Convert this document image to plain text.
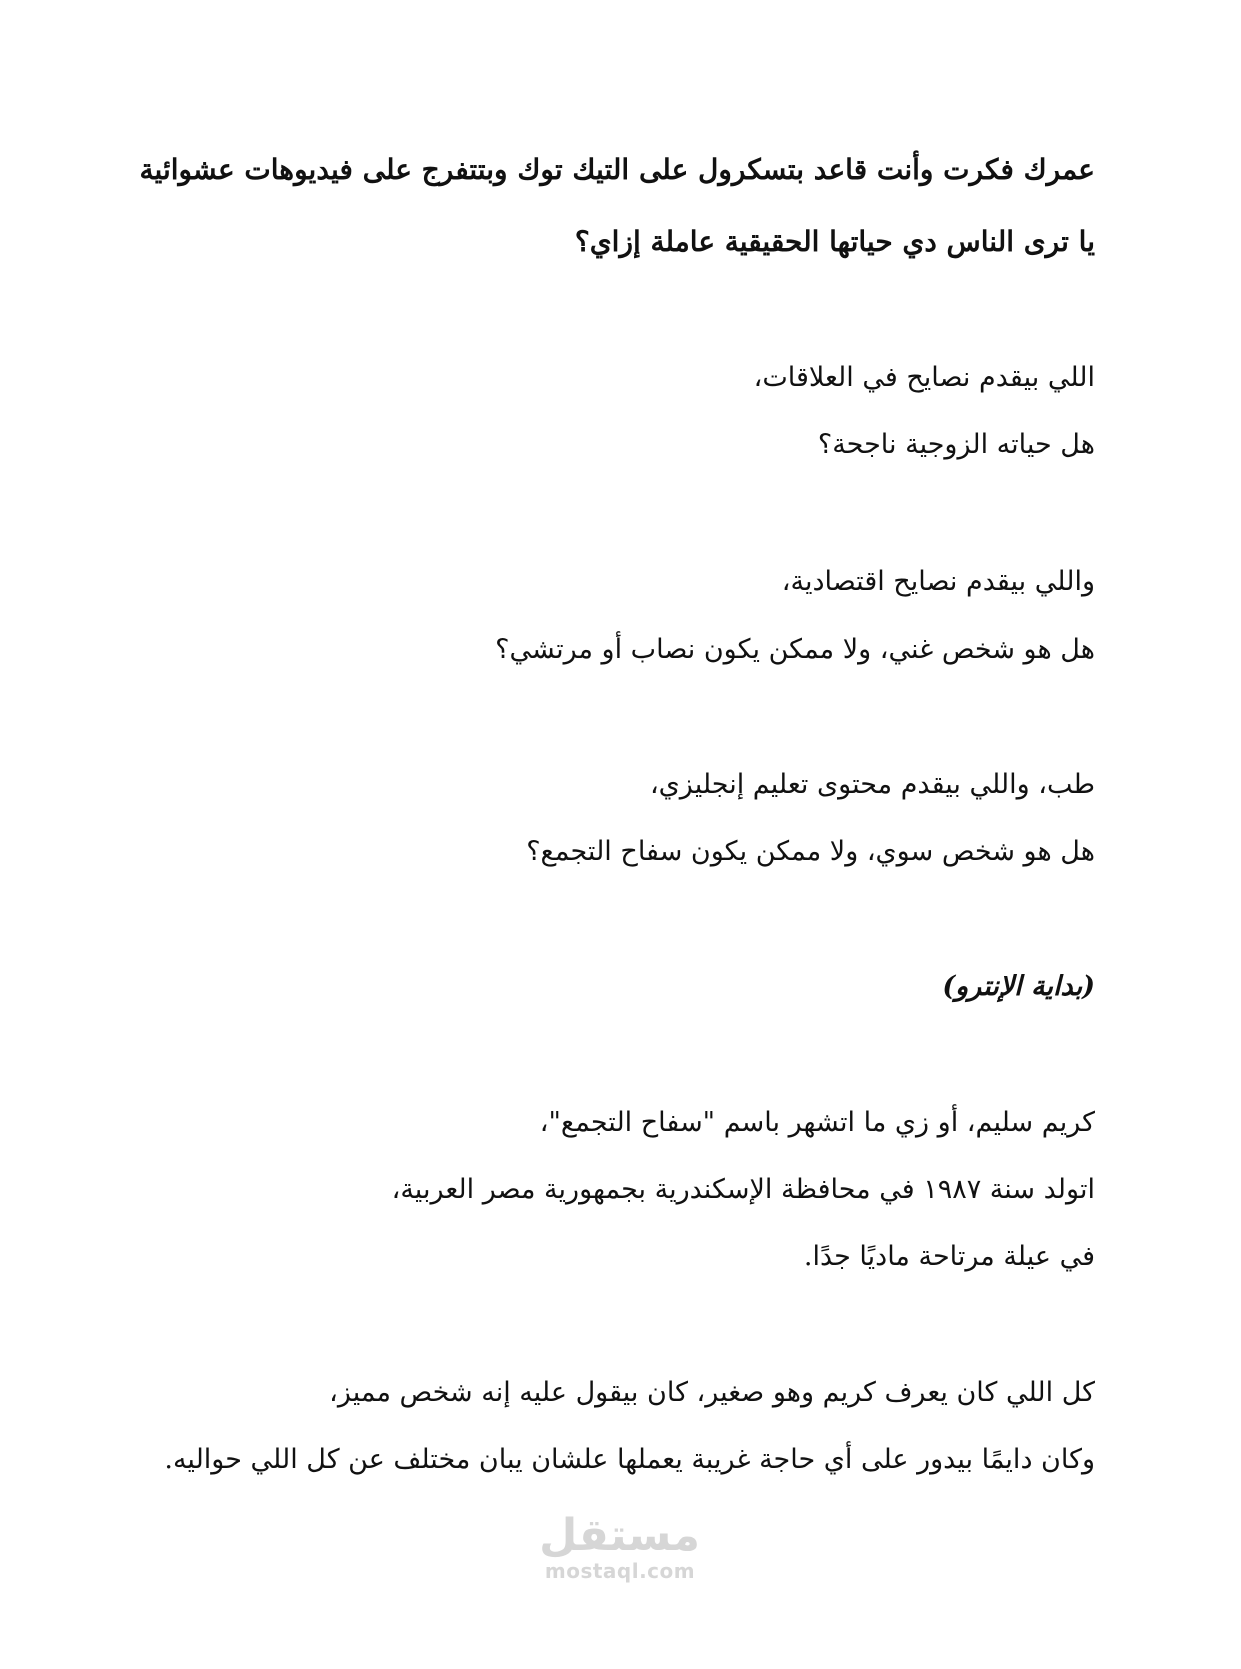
عمرك فكرت وأنت قاعد بتسكرول على التيك توك وبتتفرج على فيديوهات عشوائية
يا ترى الناس دي حياتها الحقيقية عاملة إزاي؟
اللي بيقدم نصايح في العلاقات،
هل حياته الزوجية ناجحة؟
واللي بيقدم نصايح اقتصادية،
هل هو شخص غني، ولا ممكن يكون نصاب أو مرتشي؟
طب، واللي بيقدم محتوى تعليم إنجليزي،
هل هو شخص سوي، ولا ممكن يكون سفاح التجمع؟
(بداية الإنترو)
كريم سليم، أو زي ما اتشهر باسم "سفاح التجمع"،
اتولد سنة ١٩٨٧ في محافظة الإسكندرية بجمهورية مصر العربية،
في عيلة مرتاحة ماديًا جدًا.
كل اللي كان يعرف كريم وهو صغير، كان بيقول عليه إنه شخص مميز،
وكان دايمًا بيدور على أي حاجة غريبة يعملها علشان يبان مختلف عن كل اللي حواليه.
مستقل
mostaql.com
